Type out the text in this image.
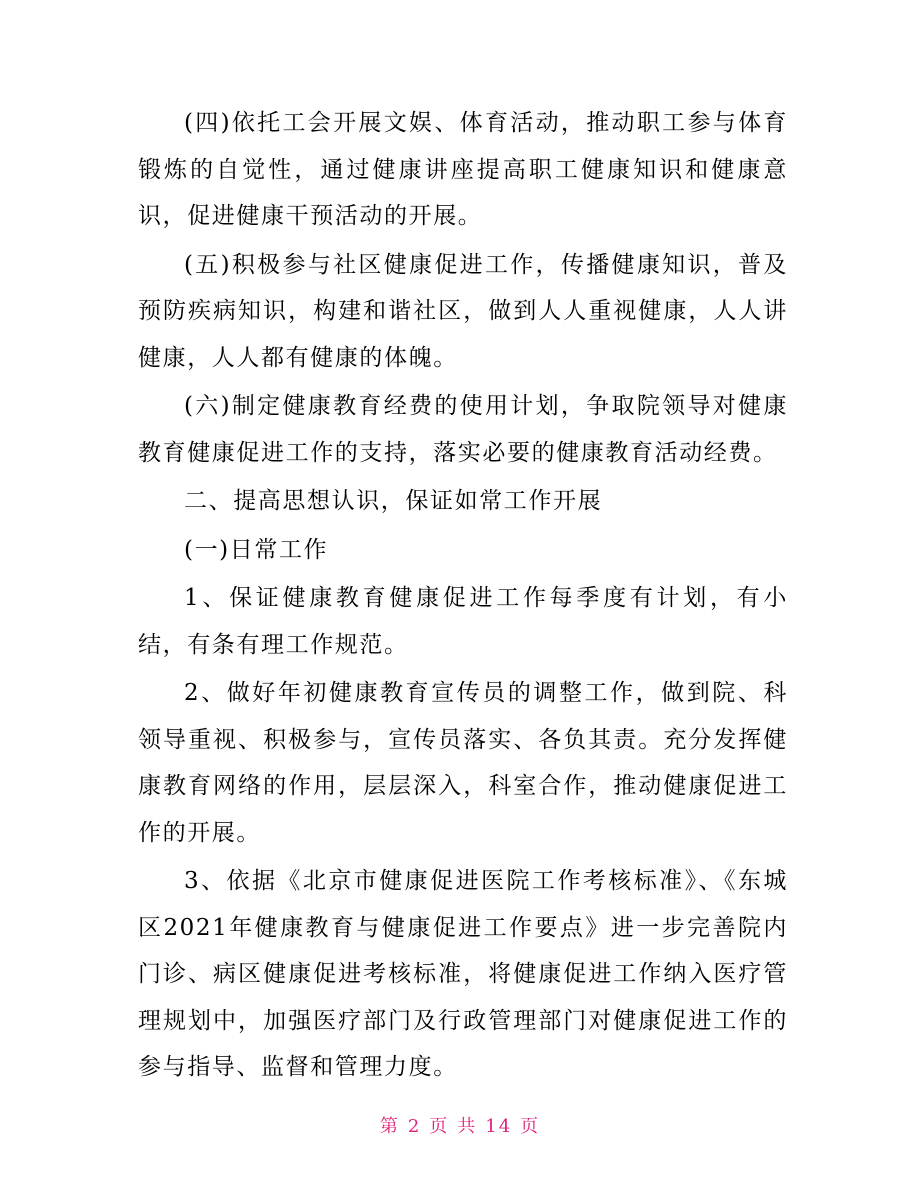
(四)依托工会开展文娱、体育活动，推动职工参与体育锻炼的自觉性，通过健康讲座提高职工健康知识和健康意识，促进健康干预活动的开展。

(五)积极参与社区健康促进工作，传播健康知识，普及预防疾病知识，构建和谐社区，做到人人重视健康，人人讲健康，人人都有健康的体魄。

(六)制定健康教育经费的使用计划，争取院领导对健康教育健康促进工作的支持，落实必要的健康教育活动经费。

二、提高思想认识，保证如常工作开展

(一)日常工作

1、保证健康教育健康促进工作每季度有计划，有小结，有条有理工作规范。

2、做好年初健康教育宣传员的调整工作，做到院、科领导重视、积极参与，宣传员落实、各负其责。充分发挥健康教育网络的作用，层层深入，科室合作，推动健康促进工作的开展。

3、依据《北京市健康促进医院工作考核标准》、《东城区2021年健康教育与健康促进工作要点》进一步完善院内门诊、病区健康促进考核标准，将健康促进工作纳入医疗管理规划中，加强医疗部门及行政管理部门对健康促进工作的参与指导、监督和管理力度。

第 2 页 共 14 页
